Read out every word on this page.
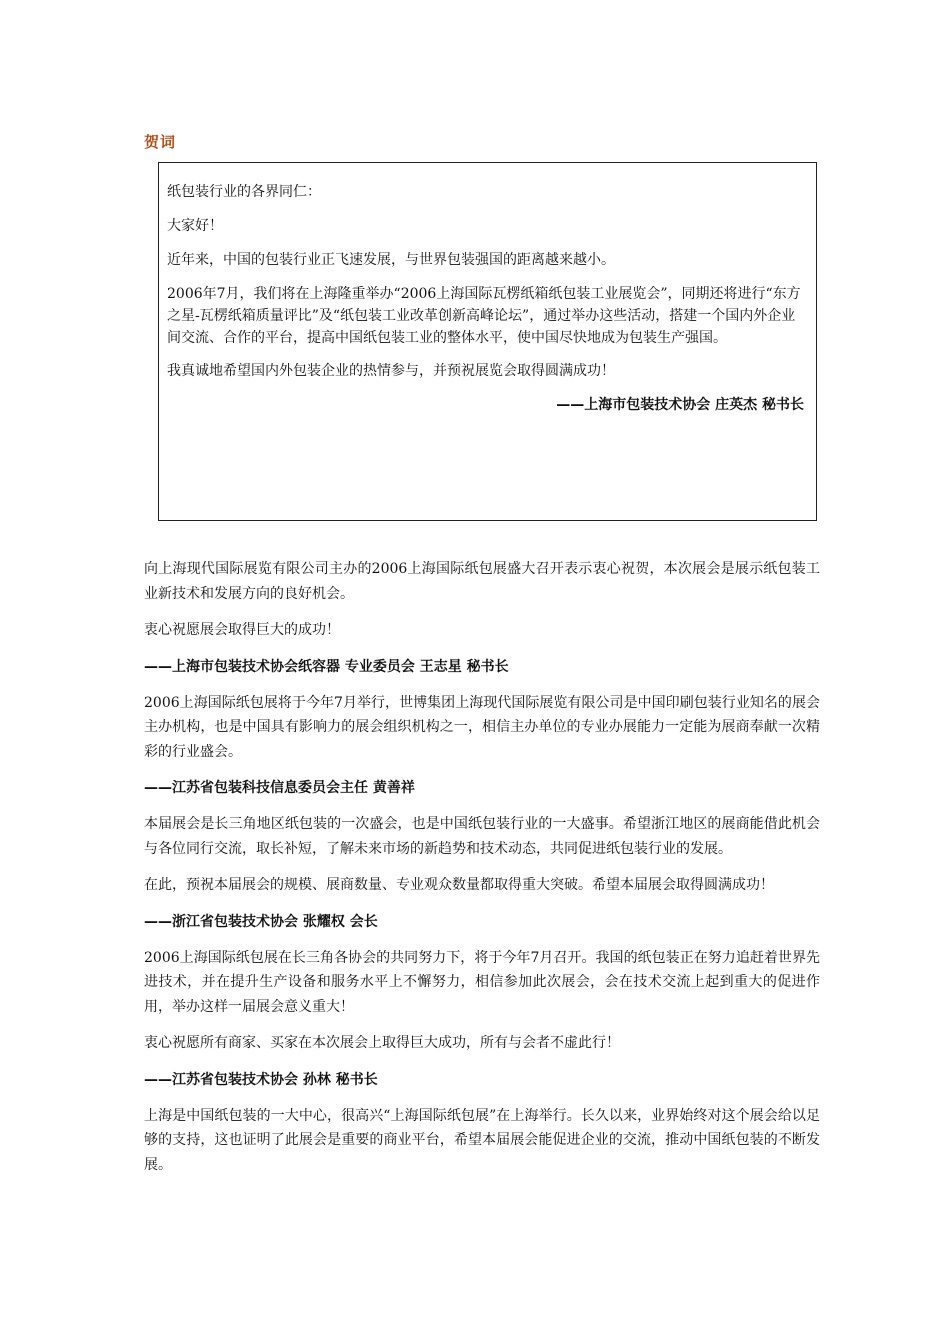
贺词

纸包装行业的各界同仁：

大家好！

近年来，中国的包装行业正飞速发展，与世界包装强国的距离越来越小。

2006年7月，我们将在上海隆重举办“2006上海国际瓦楞纸箱纸包装工业展览会”，同期还将进行“东方之星-瓦楞纸箱质量评比”及“纸包装工业改革创新高峰论坛”，通过举办这些活动，搭建一个国内外企业间交流、合作的平台，提高中国纸包装工业的整体水平，使中国尽快地成为包装生产强国。

我真诚地希望国内外包装企业的热情参与，并预祝展览会取得圆满成功！

——上海市包装技术协会 庄英杰 秘书长

向上海现代国际展览有限公司主办的2006上海国际纸包展盛大召开表示衷心祝贺，本次展会是展示纸包装工业新技术和发展方向的良好机会。

衷心祝愿展会取得巨大的成功！

——上海市包装技术协会纸容器 专业委员会 王志星 秘书长

2006上海国际纸包展将于今年7月举行，世博集团上海现代国际展览有限公司是中国印刷包装行业知名的展会主办机构，也是中国具有影响力的展会组织机构之一，相信主办单位的专业办展能力一定能为展商奉献一次精彩的行业盛会。

——江苏省包装科技信息委员会主任 黄善祥

本届展会是长三角地区纸包装的一次盛会，也是中国纸包装行业的一大盛事。希望浙江地区的展商能借此机会与各位同行交流，取长补短，了解未来市场的新趋势和技术动态，共同促进纸包装行业的发展。

在此，预祝本届展会的规模、展商数量、专业观众数量都取得重大突破。希望本届展会取得圆满成功！

——浙江省包装技术协会 张耀权 会长

2006上海国际纸包展在长三角各协会的共同努力下，将于今年7月召开。我国的纸包装正在努力追赶着世界先进技术，并在提升生产设备和服务水平上不懈努力，相信参加此次展会，会在技术交流上起到重大的促进作用，举办这样一届展会意义重大！

衷心祝愿所有商家、买家在本次展会上取得巨大成功，所有与会者不虚此行！

——江苏省包装技术协会 孙林 秘书长

上海是中国纸包装的一大中心，很高兴“上海国际纸包展”在上海举行。长久以来，业界始终对这个展会给以足够的支持，这也证明了此展会是重要的商业平台，希望本届展会能促进企业的交流，推动中国纸包装的不断发展。
